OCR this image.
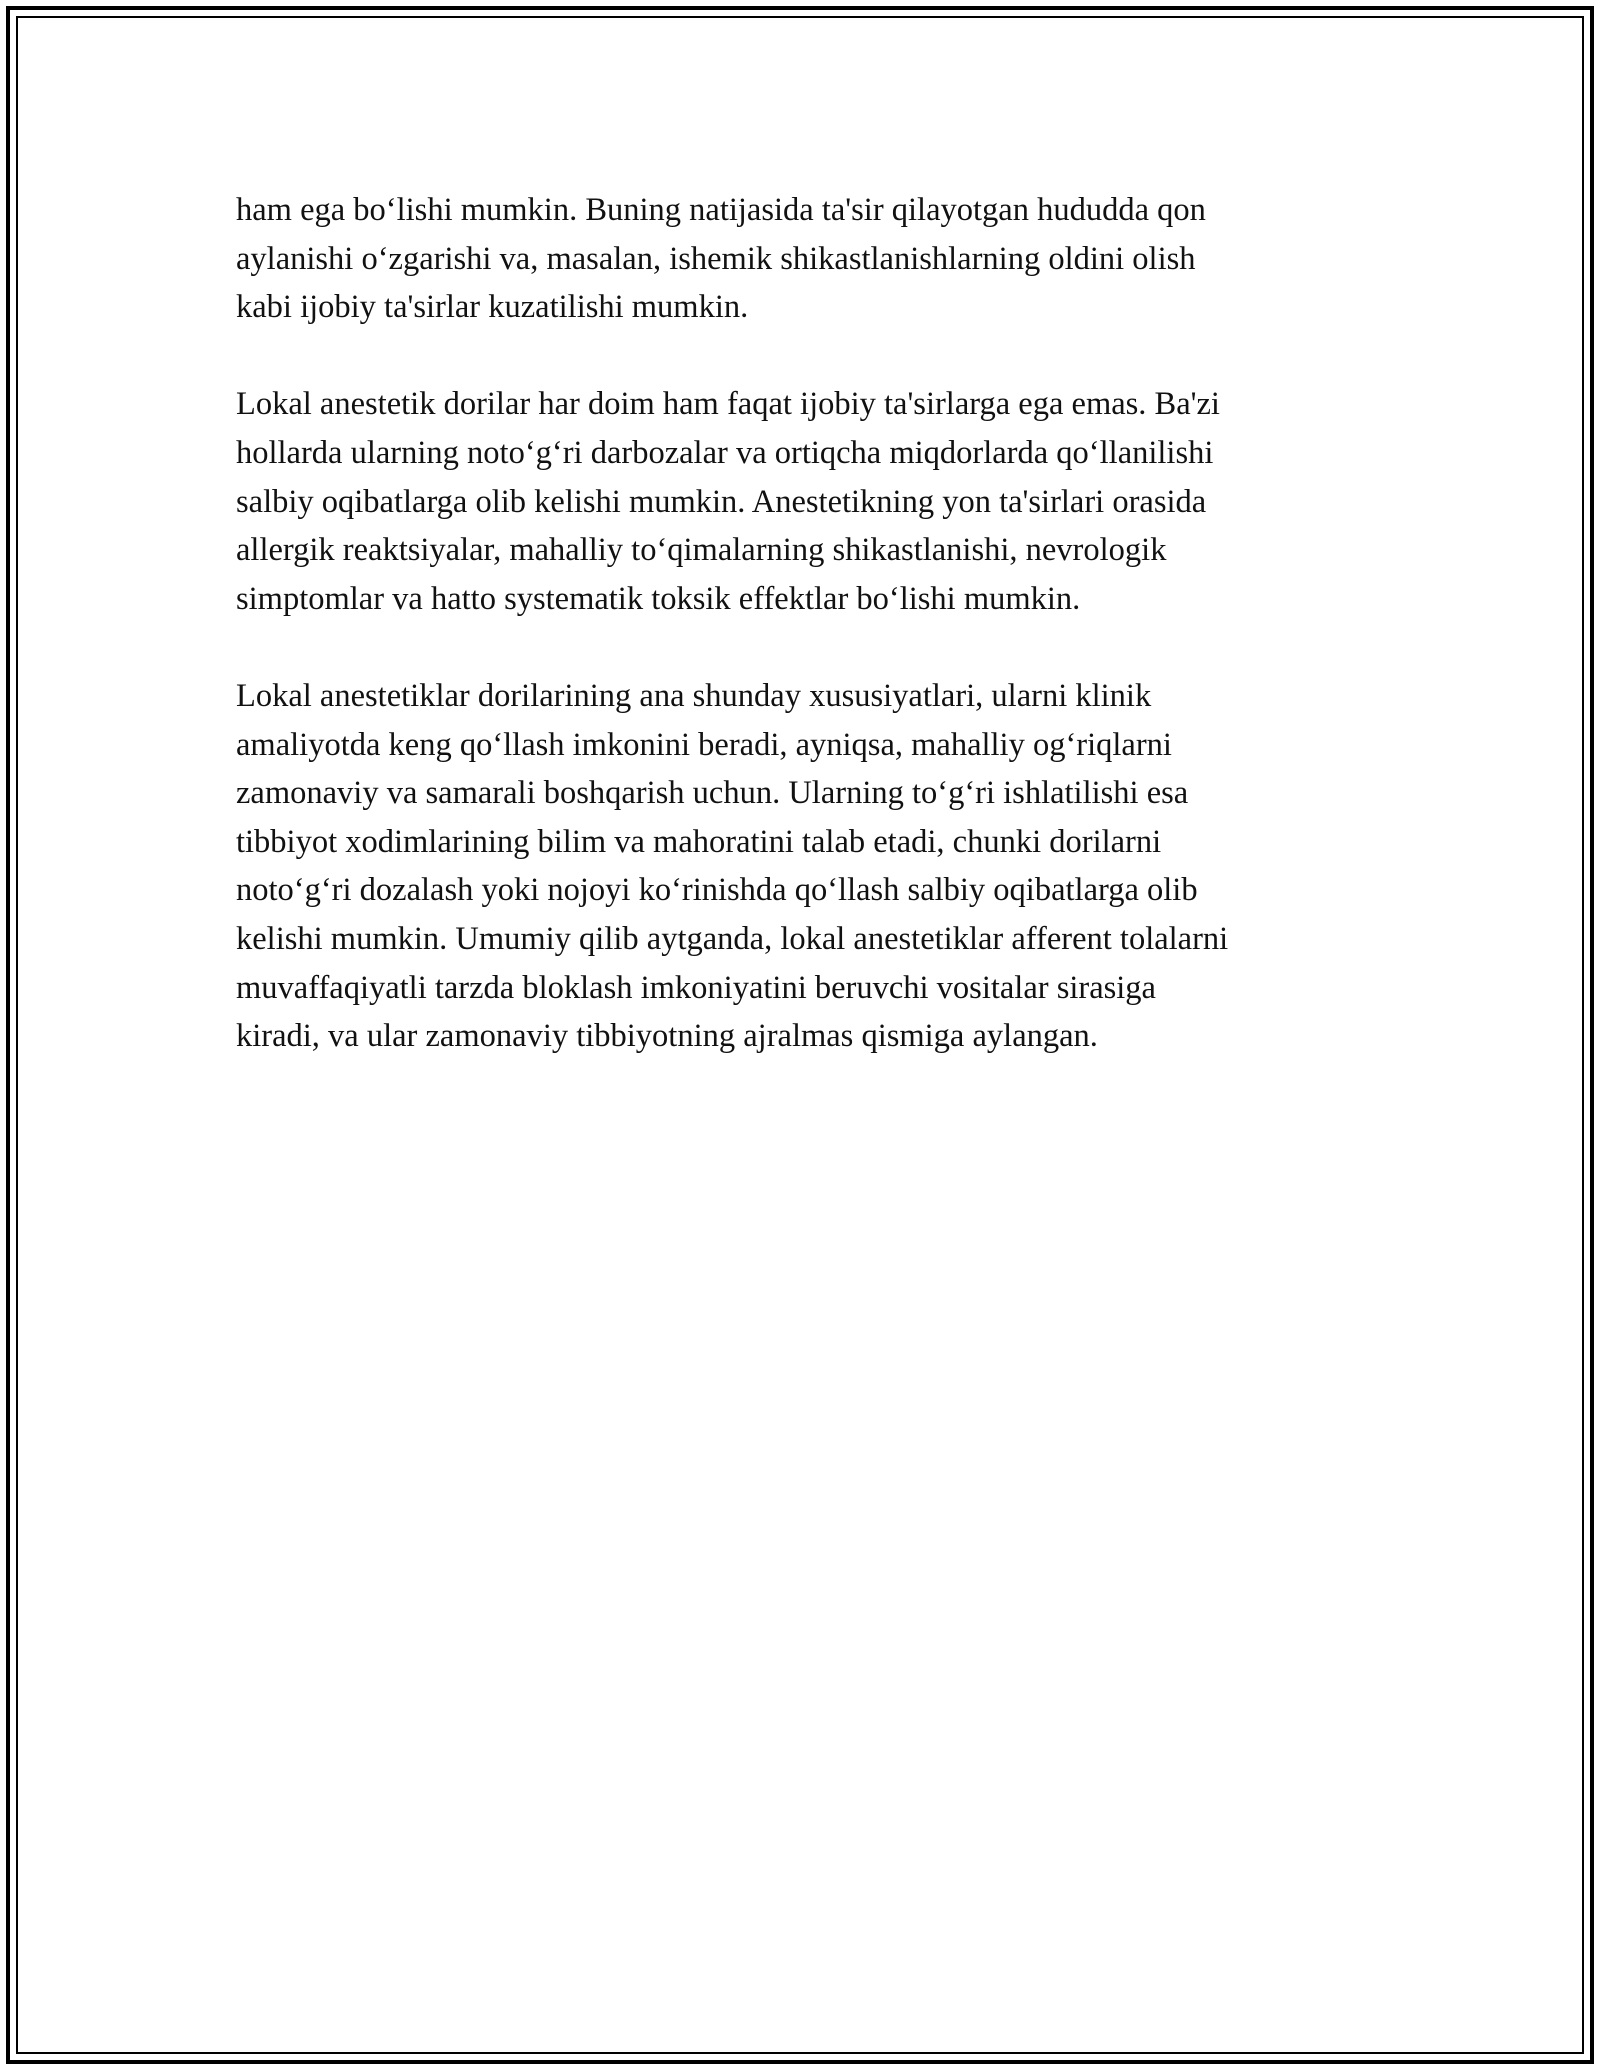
ham ega bo‘lishi mumkin. Buning natijasida ta'sir qilayotgan hududda qon
aylanishi o‘zgarishi va, masalan, ishemik shikastlanishlarning oldini olish
kabi ijobiy ta'sirlar kuzatilishi mumkin.

Lokal anestetik dorilar har doim ham faqat ijobiy ta'sirlarga ega emas. Ba'zi
hollarda ularning noto‘g‘ri darbozalar va ortiqcha miqdorlarda qo‘llanilishi
salbiy oqibatlarga olib kelishi mumkin. Anestetikning yon ta'sirlari orasida
allergik reaktsiyalar, mahalliy to‘qimalarning shikastlanishi, nevrologik
simptomlar va hatto systematik toksik effektlar bo‘lishi mumkin.

Lokal anestetiklar dorilarining ana shunday xususiyatlari, ularni klinik
amaliyotda keng qo‘llash imkonini beradi, ayniqsa, mahalliy og‘riqlarni
zamonaviy va samarali boshqarish uchun. Ularning to‘g‘ri ishlatilishi esa
tibbiyot xodimlarining bilim va mahoratini talab etadi, chunki dorilarni
noto‘g‘ri dozalash yoki nojoyi ko‘rinishda qo‘llash salbiy oqibatlarga olib
kelishi mumkin. Umumiy qilib aytganda, lokal anestetiklar afferent tolalarni
muvaffaqiyatli tarzda bloklash imkoniyatini beruvchi vositalar sirasiga
kiradi, va ular zamonaviy tibbiyotning ajralmas qismiga aylangan.
